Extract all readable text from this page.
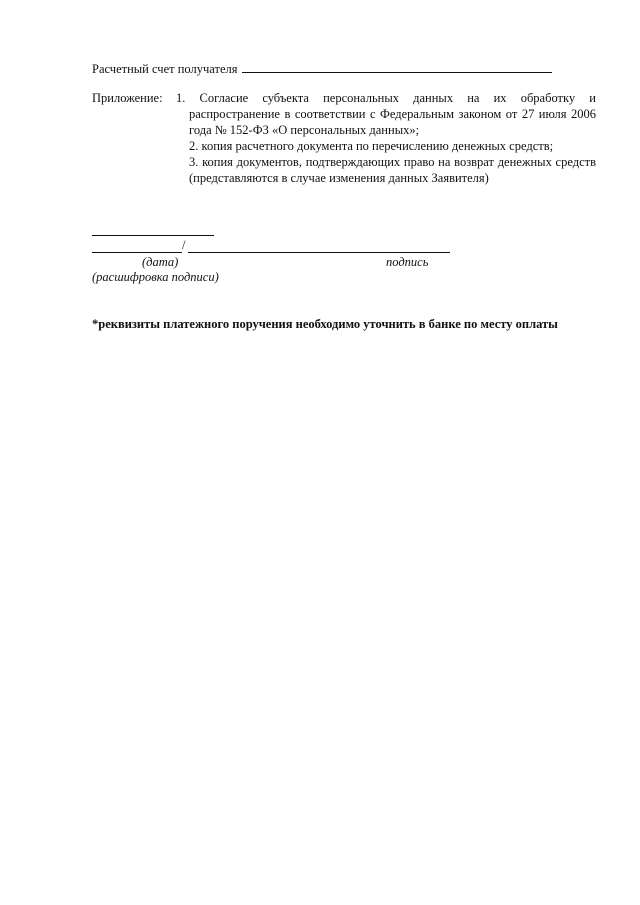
Расчетный счет получателя
Приложение: 1. Согласие субъекта персональных данных на их обработку и распространение в соответствии с Федеральным законом от 27 июля 2006 года № 152-ФЗ «О персональных данных»;
2. копия расчетного документа по перечислению денежных средств;
3. копия документов, подтверждающих право на возврат денежных средств (представляются в случае изменения данных Заявителя)
/
(дата)	подпись
(расшифровка подписи)
*реквизиты платежного поручения необходимо уточнить в банке по месту оплаты
